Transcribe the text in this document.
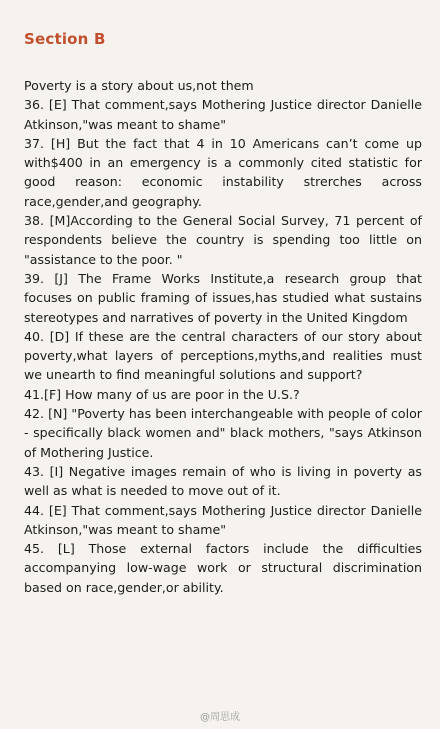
Section B

Poverty is a story about us,not them

36. [E] That comment,says Mothering Justice director Danielle Atkinson,"was meant to shame"

37. [H] But the fact that 4 in 10 Americans can’t come up with$400 in an emergency is a commonly cited statistic for good reason: economic instability strerches across race,gender,and geography.

38. [M]According to the General Social Survey, 71 percent of respondents believe the country is spending too little on "assistance to the poor. "

39. [J] The Frame Works Institute,a research group that focuses on public framing of issues,has studied what sustains stereotypes and narratives of poverty in the United Kingdom

40. [D] If these are the central characters of our story about poverty,what layers of perceptions,myths,and realities must we unearth to find meaningful solutions and support?

41.[F] How many of us are poor in the U.S.?

42. [N] "Poverty has been interchangeable with people of color - specifically black women and" black mothers, "says Atkinson of Mothering Justice.

43. [I] Negative images remain of who is living in poverty as well as what is needed to move out of it.

44. [E] That comment,says Mothering Justice director Danielle Atkinson,"was meant to shame"

45. [L] Those external factors include the difficulties accompanying low-wage work or structural discrimination based on race,gender,or ability.

@周思成
